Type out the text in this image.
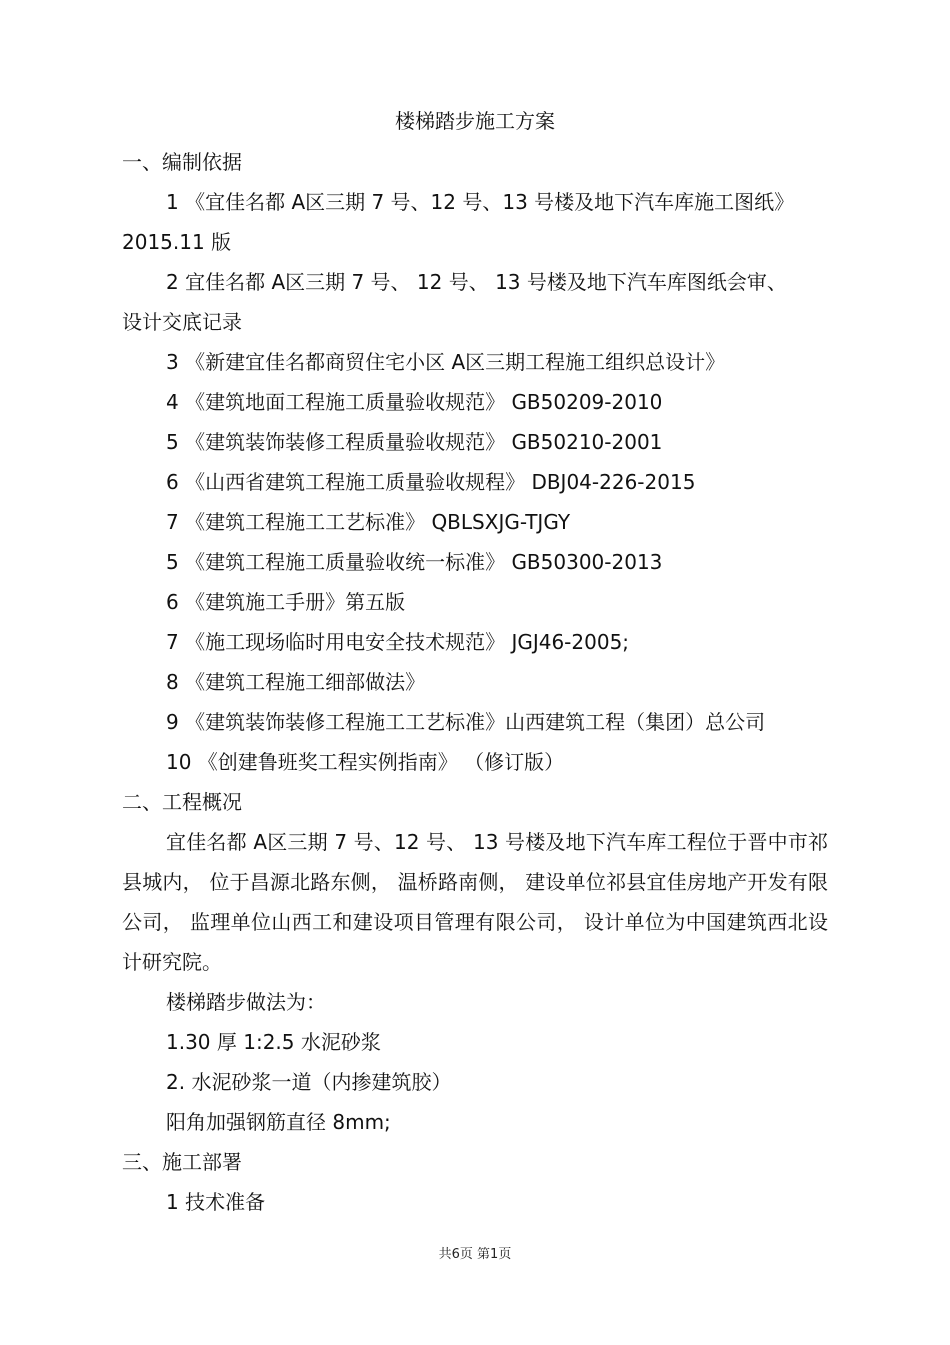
楼梯踏步施工方案
一、编制依据
1 《宜佳名都 A区三期 7 号、12 号、13 号楼及地下汽车库施工图纸》
2015.11 版
2 宜佳名都 A区三期 7 号、 12 号、 13 号楼及地下汽车库图纸会审、
设计交底记录
3 《新建宜佳名都商贸住宅小区 A区三期工程施工组织总设计》
4 《建筑地面工程施工质量验收规范》 GB50209-2010
5 《建筑装饰装修工程质量验收规范》 GB50210-2001
6 《山西省建筑工程施工质量验收规程》 DBJ04-226-2015
7 《建筑工程施工工艺标准》 QBLSXJG-TJGY
5 《建筑工程施工质量验收统一标准》 GB50300-2013
6 《建筑施工手册》第五版
7 《施工现场临时用电安全技术规范》 JGJ46-2005;
8 《建筑工程施工细部做法》
9 《建筑装饰装修工程施工工艺标准》山西建筑工程（集团）总公司
10 《创建鲁班奖工程实例指南》 （修订版）
二、工程概况
宜佳名都 A区三期 7 号、12 号、 13 号楼及地下汽车库工程位于晋中市祁县城内， 位于昌源北路东侧， 温桥路南侧， 建设单位祁县宜佳房地产开发有限公司， 监理单位山西工和建设项目管理有限公司， 设计单位为中国建筑西北设计研究院。
楼梯踏步做法为：
1.30 厚 1:2.5 水泥砂浆
2. 水泥砂浆一道（内掺建筑胶）
阳角加强钢筋直径 8mm;
三、施工部署
1 技术准备
共6页 第1页
